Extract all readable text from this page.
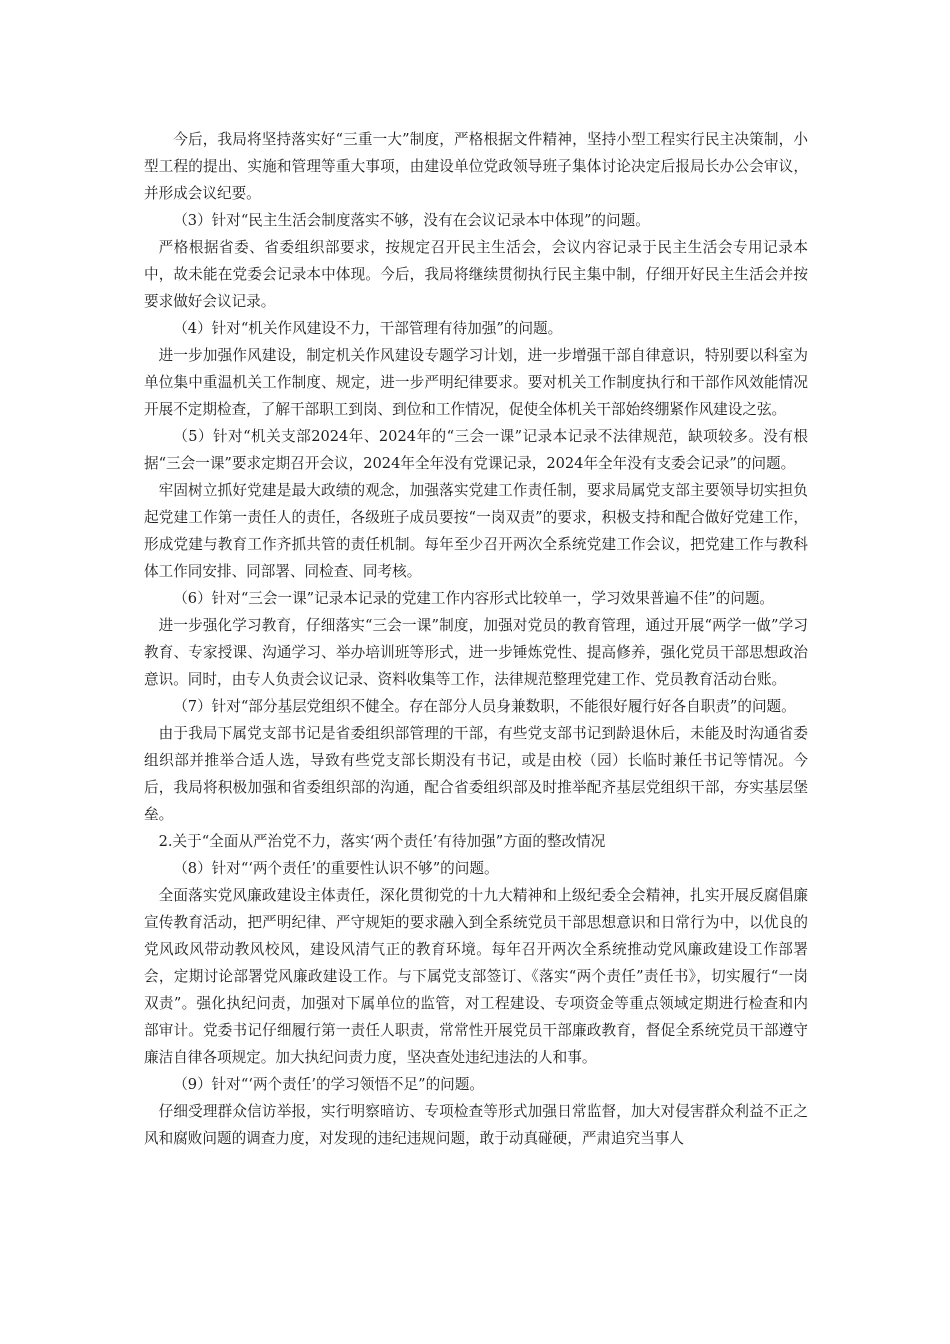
今后，我局将坚持落实好“三重一大”制度，严格根据文件精神，坚持小型工程实行民主决策制，小型工程的提出、实施和管理等重大事项，由建设单位党政领导班子集体讨论决定后报局长办公会审议，并形成会议纪要。

（3）针对“民主生活会制度落实不够，没有在会议记录本中体现”的问题。

严格根据省委、省委组织部要求，按规定召开民主生活会，会议内容记录于民主生活会专用记录本中，故未能在党委会记录本中体现。今后，我局将继续贯彻执行民主集中制，仔细开好民主生活会并按要求做好会议记录。

（4）针对“机关作风建设不力，干部管理有待加强”的问题。

进一步加强作风建设，制定机关作风建设专题学习计划，进一步增强干部自律意识，特别要以科室为单位集中重温机关工作制度、规定，进一步严明纪律要求。要对机关工作制度执行和干部作风效能情况开展不定期检查，了解干部职工到岗、到位和工作情况，促使全体机关干部始终绷紧作风建设之弦。

（5）针对“机关支部2024年、2024年的“三会一课”记录本记录不法律规范，缺项较多。没有根据“三会一课”要求定期召开会议，2024年全年没有党课记录，2024年全年没有支委会记录”的问题。

牢固树立抓好党建是最大政绩的观念，加强落实党建工作责任制，要求局属党支部主要领导切实担负起党建工作第一责任人的责任，各级班子成员要按“一岗双责”的要求，积极支持和配合做好党建工作，形成党建与教育工作齐抓共管的责任机制。每年至少召开两次全系统党建工作会议，把党建工作与教科体工作同安排、同部署、同检查、同考核。

（6）针对“三会一课”记录本记录的党建工作内容形式比较单一，学习效果普遍不佳”的问题。

进一步强化学习教育，仔细落实“三会一课”制度，加强对党员的教育管理，通过开展“两学一做”学习教育、专家授课、沟通学习、举办培训班等形式，进一步锤炼党性、提高修养，强化党员干部思想政治意识。同时，由专人负责会议记录、资料收集等工作，法律规范整理党建工作、党员教育活动台账。

（7）针对“部分基层党组织不健全。存在部分人员身兼数职，不能很好履行好各自职责”的问题。

由于我局下属党支部书记是省委组织部管理的干部，有些党支部书记到龄退休后，未能及时沟通省委组织部并推举合适人选，导致有些党支部长期没有书记，或是由校（园）长临时兼任书记等情况。今后，我局将积极加强和省委组织部的沟通，配合省委组织部及时推举配齐基层党组织干部，夯实基层堡垒。

2.关于“全面从严治党不力，落实‘两个责任’有待加强”方面的整改情况

（8）针对“‘两个责任’的重要性认识不够”的问题。

全面落实党风廉政建设主体责任，深化贯彻党的十九大精神和上级纪委全会精神，扎实开展反腐倡廉宣传教育活动，把严明纪律、严守规矩的要求融入到全系统党员干部思想意识和日常行为中，以优良的党风政风带动教风校风，建设风清气正的教育环境。每年召开两次全系统推动党风廉政建设工作部署会，定期讨论部署党风廉政建设工作。与下属党支部签订、《落实“两个责任”责任书》，切实履行“一岗双责”。强化执纪问责，加强对下属单位的监管，对工程建设、专项资金等重点领域定期进行检查和内部审计。党委书记仔细履行第一责任人职责，常常性开展党员干部廉政教育，督促全系统党员干部遵守廉洁自律各项规定。加大执纪问责力度，坚决查处违纪违法的人和事。

（9）针对“‘两个责任’的学习领悟不足”的问题。

仔细受理群众信访举报，实行明察暗访、专项检查等形式加强日常监督，加大对侵害群众利益不正之风和腐败问题的调查力度，对发现的违纪违规问题，敢于动真碰硬，严肃追究当事人
